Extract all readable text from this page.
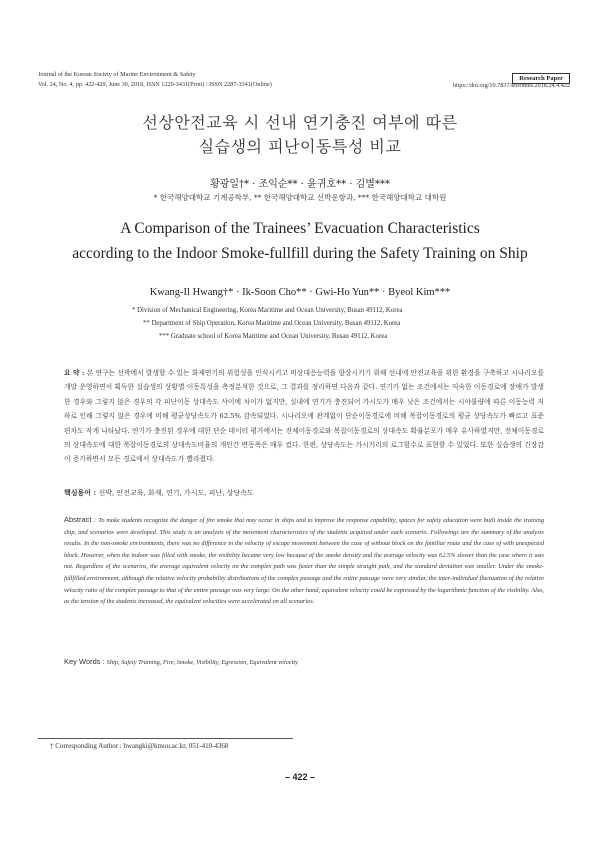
Journal of the Korean Society of Marine Environment & Safety
Vol. 24, No. 4, pp. 422-429, June 30, 2018, ISSN 1229-3431(Print) / ISSN 2287-3341(Online)
Research Paper
https://doi.org/10.7837/kosomes.2018.24.4.422
선상안전교육 시 선내 연기충진 여부에 따른
실습생의 피난이동특성 비교
황광일†* · 조익순** · 윤귀호** · 김별***
* 한국해양대학교 기계공학부, ** 한국해양대학교 선박운항과, *** 한국해양대학교 대학원
A Comparison of the Trainees’ Evacuation Characteristics
according to the Indoor Smoke-fullfill during the Safety Training on Ship
Kwang-Il Hwang†* · Ik-Soon Cho** · Gwi-Ho Yun** · Byeol Kim***
* Division of Mechanical Engineering, Korea Maritime and Ocean University, Busan 49112, Korea
** Department of Ship Operation, Korea Maritime and Ocean University, Busan 49112, Korea
*** Graduate school of Korea Maritime and Ocean University, Busan 49112, Korea
요 약 : 본 연구는 선박에서 발생할 수 있는 화재연기의 위험성을 인식시키고 비상대응능력을 향상시키기 위해 선내에 안전교육을 위한 환경을 구축하고 시나리오를 개발 운영하면서 획득한 실습생의 상황별 이동특성을 측정분석한 것으로, 그 결과를 정리하면 다음과 같다. 연기가 없는 조건에서는 익숙한 이동경로에 장애가 발생한 경우와 그렇지 않은 경우의 각 피난이동 상대속도 사이에 차이가 없지만, 실내에 연기가 충진되어 가시도가 매우 낮은 조건에서는 시야불량에 따른 이동능력 저하로 인해 그렇지 않은 경우에 비해 평균상당속도가 62.5% 감속되었다. 시나리오에 관계없이 단순이동경로에 비해 복잡이동경로의 평균 상당속도가 빠르고 표준편차도 작게 나타났다. 연기가 충진된 경우에 대한 단순 데이터 평가에서는 전체이동경로와 복잡이동경로의 상대속도 확률분포가 매우 유사하였지만, 전체이동경로의 상대속도에 대한 복잡이동경로의 상대속도비율의 개인간 변동폭은 매우 컸다. 한편, 상당속도는 가시거리의 로그함수로 표현할 수 있었다. 또한 실습생의 긴장감이 증가하면서 모든 경로에서 상대속도가 빨라졌다.
핵심용어 : 선박, 안전교육, 화재, 연기, 가시도, 피난, 상당속도
Abstract : To make students recognize the danger of fire smoke that may occur in ships and to improve the response capability, spaces for safety education were built inside the training ship, and scenarios were developed. This study is an analysis of the movement characteristics of the students acquired under each scenario. Followings are the summary of the analysis results. In the non-smoke environments, there was no difference in the velocity of escape movement between the case of without block on the familiar route and the case of with unexpected block. However, when the indoor was filled with smoke, the visibility became very low because of the smoke density and the average velocity was 62.5% slower than the case where it was not. Regardless of the scenarios, the average equivalent velocity on the complex path was faster than the simple straight path, and the standard deviation was smaller. Under the smoke-fullfilled environment, although the relative velocity probability distributions of the complex passage and the entire passage were very similar, the inter-individual fluctuation of the relative velocity ratio of the complex passage to that of the entire passage was very large. On the other hand, equivalent velocity could be expressed by the logarithmic function of the visibility. Also, as the tension of the students increased, the equivalent velocities were accelerated on all scenarios.
Key Words : Ship, Safety Training, Fire, Smoke, Visibility, Egression, Equivalent velocity
† Corresponding Author : hwangki@kmou.ac.kr, 051-410-4368
– 422 –
